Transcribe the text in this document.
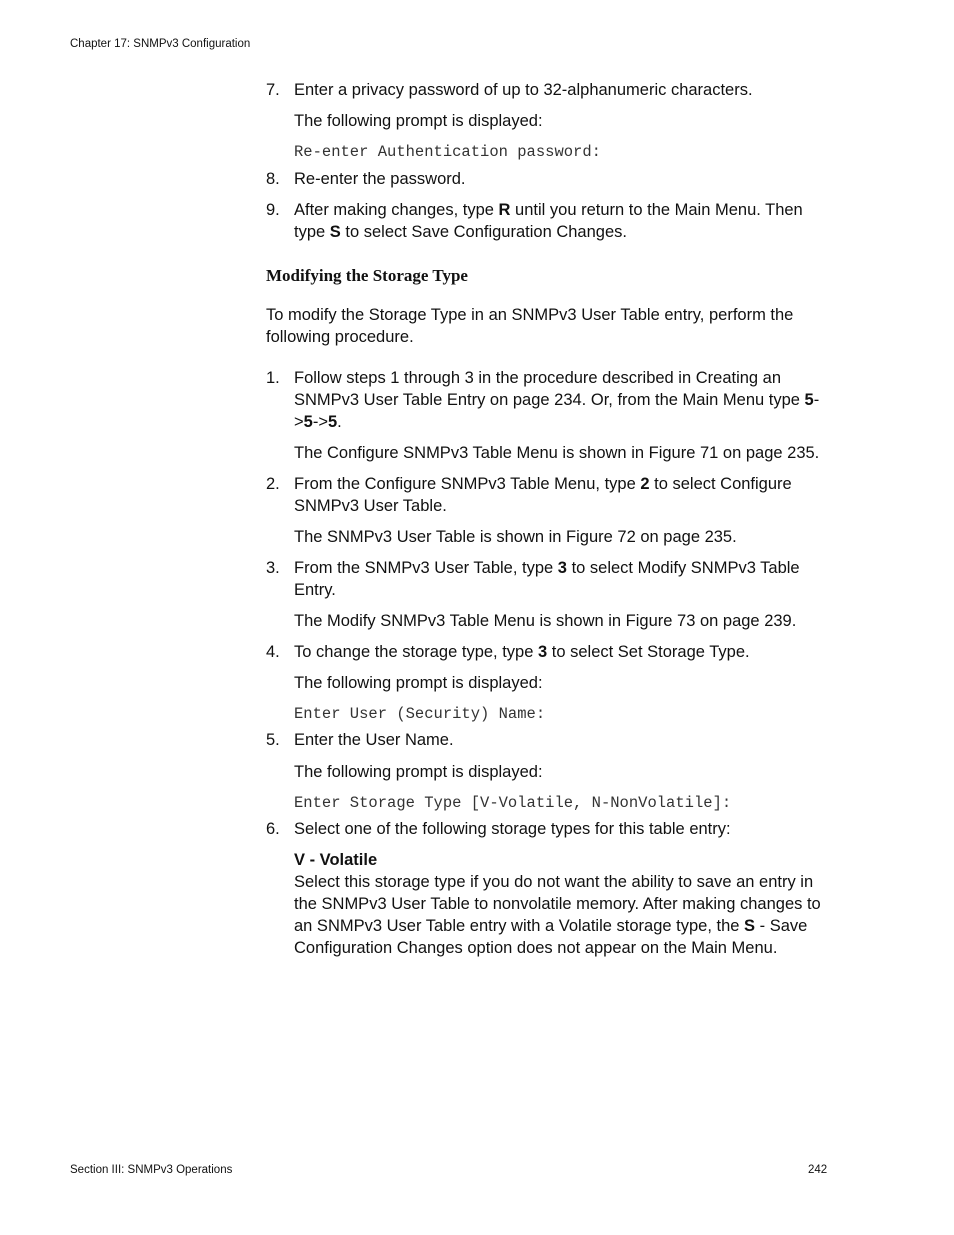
Chapter 17: SNMPv3 Configuration
7. Enter a privacy password of up to 32-alphanumeric characters.
The following prompt is displayed:
Re-enter Authentication password:
8. Re-enter the password.
9. After making changes, type R until you return to the Main Menu. Then type S to select Save Configuration Changes.
Modifying the Storage Type
To modify the Storage Type in an SNMPv3 User Table entry, perform the following procedure.
1. Follow steps 1 through 3 in the procedure described in Creating an SNMPv3 User Table Entry on page 234. Or, from the Main Menu type 5->5->5.
The Configure SNMPv3 Table Menu is shown in Figure 71 on page 235.
2. From the Configure SNMPv3 Table Menu, type 2 to select Configure SNMPv3 User Table.
The SNMPv3 User Table is shown in Figure 72 on page 235.
3. From the SNMPv3 User Table, type 3 to select Modify SNMPv3 Table Entry.
The Modify SNMPv3 Table Menu is shown in Figure 73 on page 239.
4. To change the storage type, type 3 to select Set Storage Type.
The following prompt is displayed:
Enter User (Security) Name:
5. Enter the User Name.
The following prompt is displayed:
Enter Storage Type [V-Volatile, N-NonVolatile]:
6. Select one of the following storage types for this table entry:
V - Volatile
Select this storage type if you do not want the ability to save an entry in the SNMPv3 User Table to nonvolatile memory. After making changes to an SNMPv3 User Table entry with a Volatile storage type, the S - Save Configuration Changes option does not appear on the Main Menu.
Section III: SNMPv3 Operations	242
